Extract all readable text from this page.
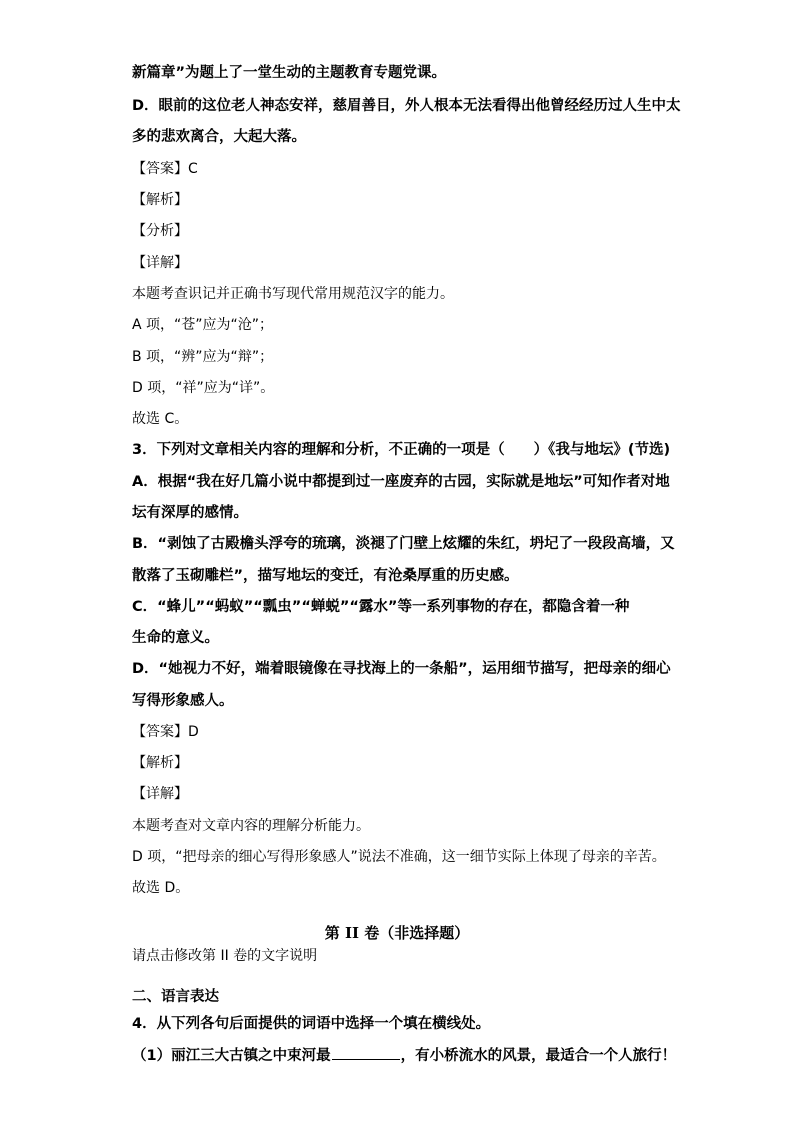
新篇章”为题上了一堂生动的主题教育专题党课。
D．眼前的这位老人神态安祥，慈眉善目，外人根本无法看得出他曾经经历过人生中太
多的悲欢离合，大起大落。
【答案】C
【解析】
【分析】
【详解】
本题考查识记并正确书写现代常用规范汉字的能力。
A 项，“苍”应为“沧”；
B 项，“辨”应为“辩”；
D 项，“祥”应为“详”。
故选 C。
3．下列对文章相关内容的理解和分析，不正确的一项是（　　）《我与地坛》(节选)
A．根据“我在好几篇小说中都提到过一座废弃的古园，实际就是地坛”可知作者对地
坛有深厚的感情。
B．“剥蚀了古殿檐头浮夸的琉璃，淡褪了门壁上炫耀的朱红，坍圮了一段段高墙，又
散落了玉砌雕栏”，描写地坛的变迁，有沧桑厚重的历史感。
C．“蜂儿”“蚂蚁”“瓢虫”“蝉蜕”“露水”等一系列事物的存在，都隐含着一种
生命的意义。
D．“她视力不好，端着眼镜像在寻找海上的一条船”，运用细节描写，把母亲的细心
写得形象感人。
【答案】D
【解析】
【详解】
本题考查对文章内容的理解分析能力。
D 项，“把母亲的细心写得形象感人”说法不准确，这一细节实际上体现了母亲的辛苦。
故选 D。
第 II 卷（非选择题）
请点击修改第 II 卷的文字说明
二、语言表达
4．从下列各句后面提供的词语中选择一个填在横线处。
（1）丽江三大古镇之中束河最	，有小桥流水的风景，最适合一个人旅行！
